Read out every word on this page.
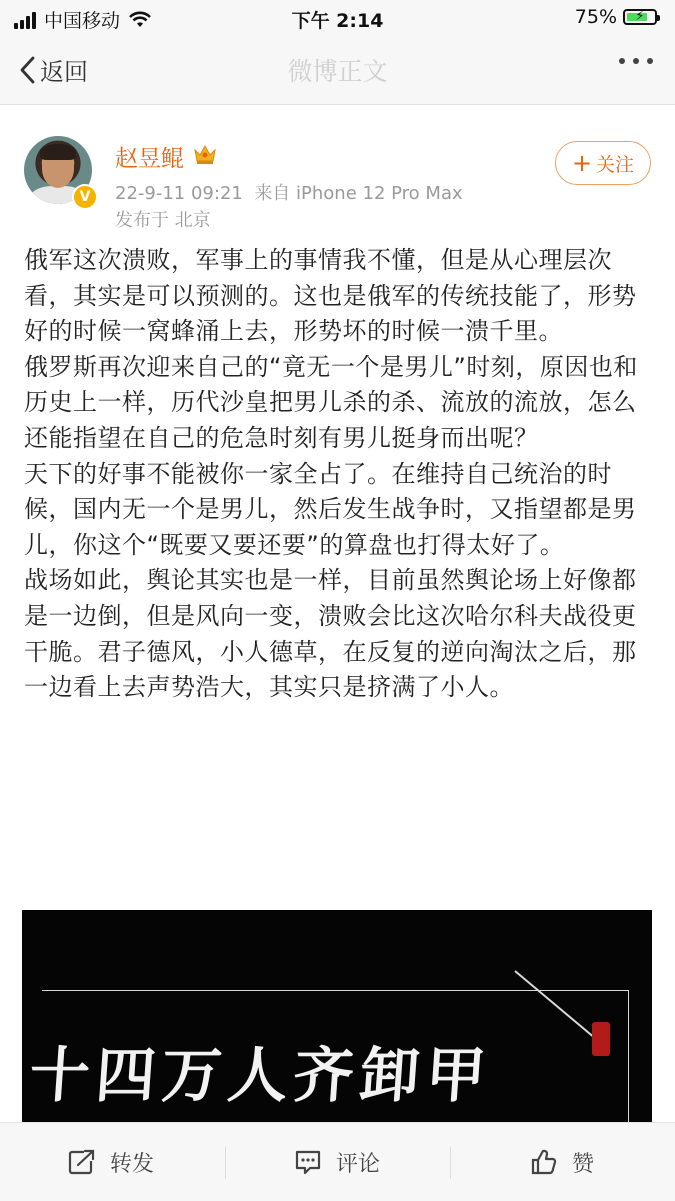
中国移动	下午 2:14	75% ⚡
返回	微博正文
V
赵昱鲲
22-9-11 09:21 来自 iPhone 12 Pro Max
发布于 北京
+ 关注

俄军这次溃败，军事上的事情我不懂，但是从心理层次看，其实是可以预测的。这也是俄军的传统技能了，形势好的时候一窝蜂涌上去，形势坏的时候一溃千里。

俄罗斯再次迎来自己的“竟无一个是男儿”时刻，原因也和历史上一样，历代沙皇把男儿杀的杀、流放的流放，怎么还能指望在自己的危急时刻有男儿挺身而出呢？

天下的好事不能被你一家全占了。在维持自己统治的时候，国内无一个是男儿，然后发生战争时，又指望都是男儿，你这个“既要又要还要”的算盘也打得太好了。

战场如此，舆论其实也是一样，目前虽然舆论场上好像都是一边倒，但是风向一变，溃败会比这次哈尔科夫战役更干脆。君子德风，小人德草，在反复的逆向淘汰之后，那一边看上去声势浩大，其实只是挤满了小人。

十四万人齐卸甲
转发	评论	赞
